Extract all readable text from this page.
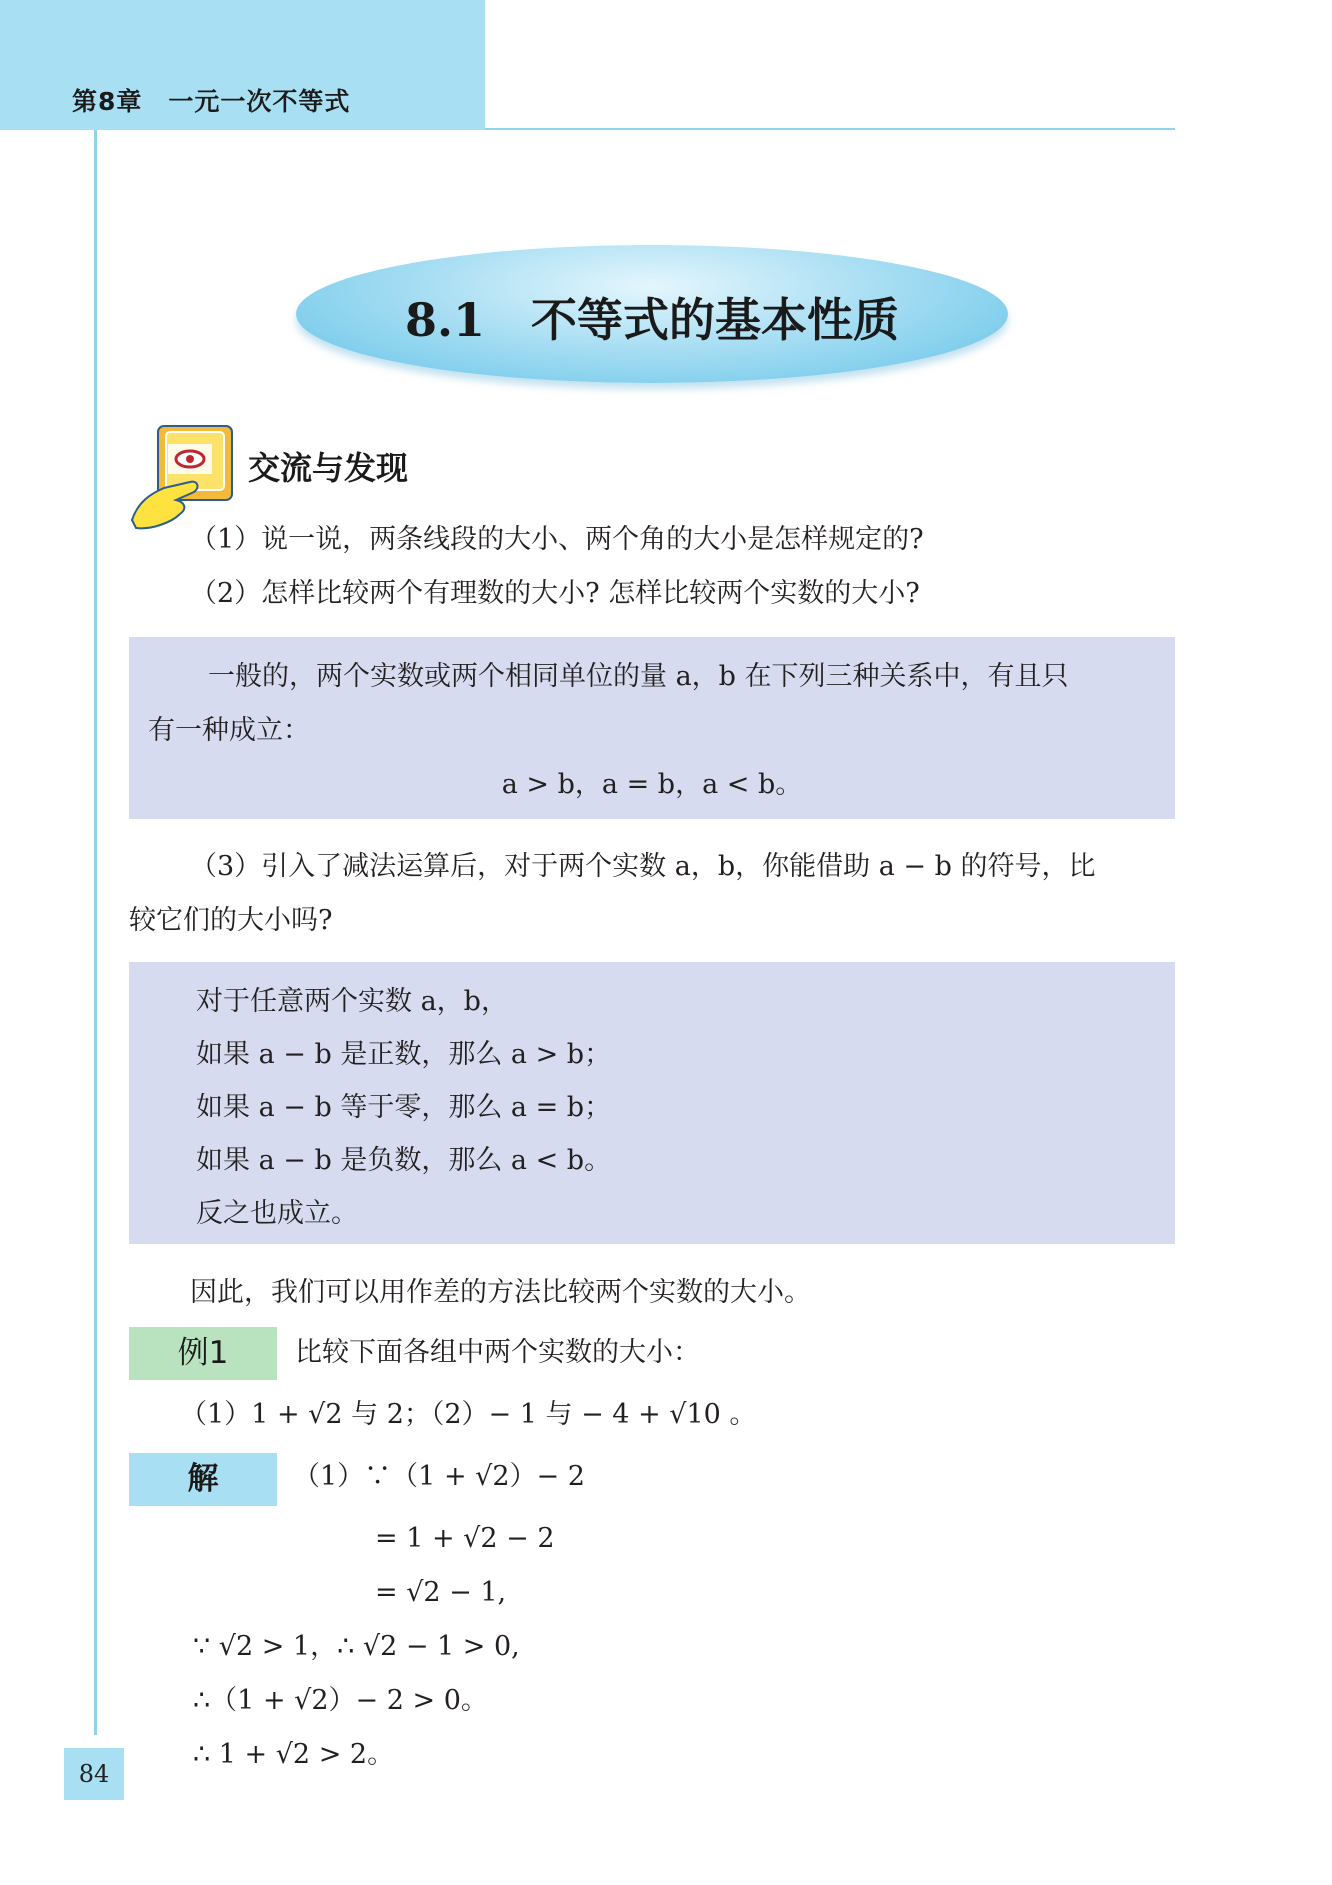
第8章　一元一次不等式
8.1　不等式的基本性质
交流与发现
（1）说一说，两条线段的大小、两个角的大小是怎样规定的?
（2）怎样比较两个有理数的大小? 怎样比较两个实数的大小?
一般的，两个实数或两个相同单位的量 a，b 在下列三种关系中，有且只
有一种成立：
a > b，a = b，a < b。
（3）引入了减法运算后，对于两个实数 a，b，你能借助 a − b 的符号，比
较它们的大小吗?
对于任意两个实数 a，b，
如果 a − b 是正数，那么 a > b；
如果 a − b 等于零，那么 a = b；
如果 a − b 是负数，那么 a < b。
反之也成立。
因此，我们可以用作差的方法比较两个实数的大小。
例1	比较下面各组中两个实数的大小：
（1）1 + √2 与 2；（2）− 1 与 − 4 + √10 。
解	（1）∵（1 + √2）− 2
= 1 + √2 − 2
= √2 − 1,
∵ √2 > 1，∴ √2 − 1 > 0,
∴（1 + √2）− 2 > 0。
∴ 1 + √2 > 2。
84
